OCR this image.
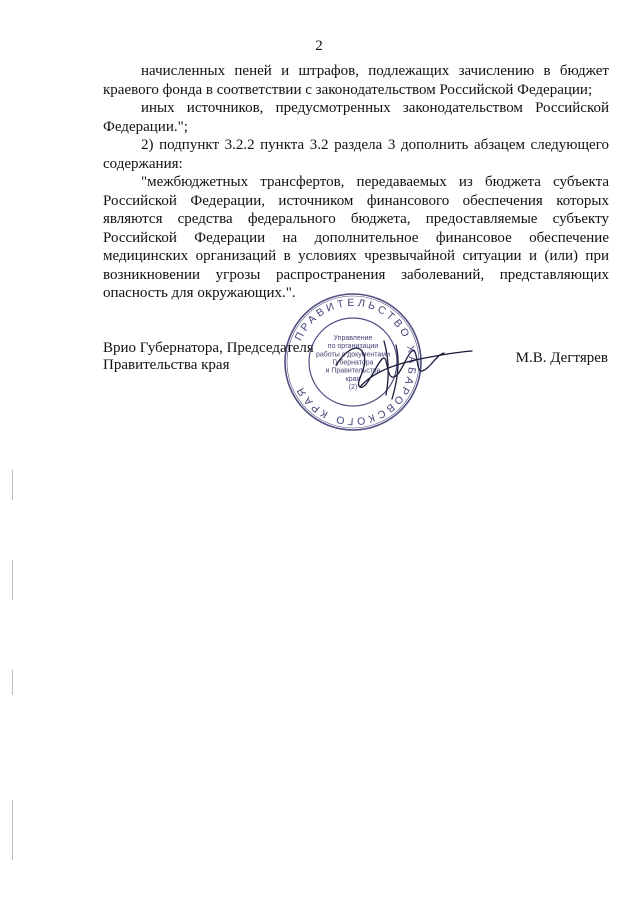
2

начисленных пеней и штрафов, подлежащих зачислению в бюджет краевого фонда в соответствии с законодательством Российской Федерации;

иных источников, предусмотренных законодательством Российской Федерации.";

2) подпункт 3.2.2 пункта 3.2 раздела 3 дополнить абзацем следующего содержания:

"межбюджетных трансфертов, передаваемых из бюджета субъекта Российской Федерации, источником финансового обеспечения которых являются средства федерального бюджета, предоставляемые субъекту Российской Федерации на дополнительное финансовое обеспечение медицинских организаций в условиях чрезвычайной ситуации и (или) при возникновении угрозы распространения заболеваний, представляющих опасность для окружающих.".

Врио Губернатора, Председателя
Правительства края	М.В. Дегтярев
ПРАВИТЕЛЬСТВО ХАБАРОВСКОГО КРАЯ
Управление
по организации
работы с документами
Губернатора
и Правительства
края
(2)
